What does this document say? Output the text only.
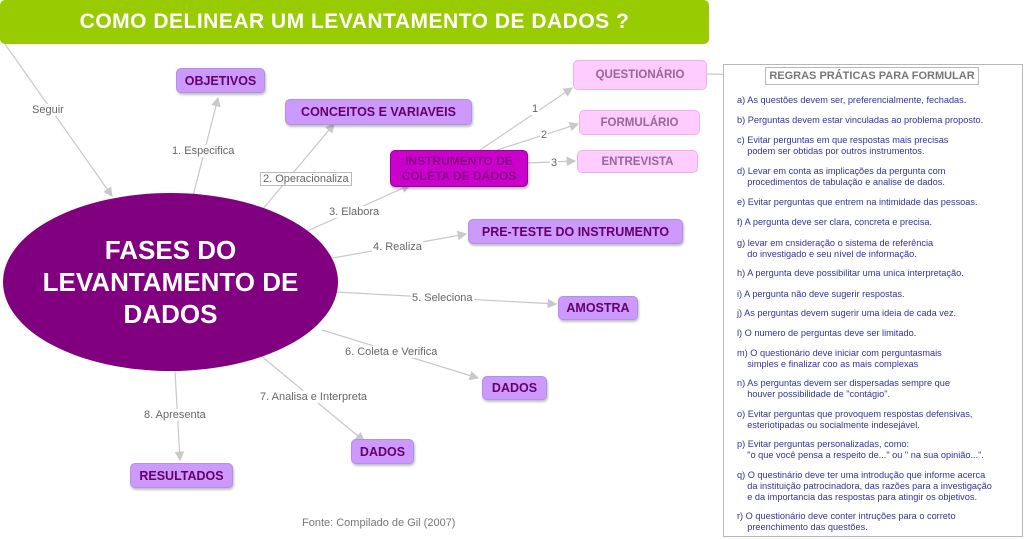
COMO DELINEAR UM LEVANTAMENTO DE DADOS ?
FASES DO LEVANTAMENTO DE DADOS
OBJETIVOS
CONCEITOS E VARIAVEIS
INSTRUMENTO DE COLETA DE DADOS
QUESTIONÁRIO
FORMULÁRIO
ENTREVISTA
PRE-TESTE DO INSTRUMENTO
AMOSTRA
DADOS
DADOS
RESULTADOS
Seguir
1. Especifica
2. Operacionaliza
3. Elabora
4. Realiza
5. Seleciona
6. Coleta e Verifica
7. Analisa e Interpreta
8. Apresenta
1
2
3
REGRAS PRÁTICAS PARA FORMULAR
a) As questões devem ser, preferencialmente, fechadas.
b) Perguntas devem estar vinculadas ao problema proposto.
c) Evitar perguntas em que respostas mais precisas
podem ser obtidas por outros instrumentos.
d) Levar em conta as implicações da pergunta com
procedimentos de tabulação e analise de dados.
e) Evitar perguntas que entrem na intimidade das pessoas.
f) A pergunta deve ser clara, concreta e precisa.
g) levar em cnsideração o sistema de referência
do investigado e seu nível de informação.
h) A pergunta deve possibilitar uma unica interpretação.
i) A pergunta não deve sugerir respostas.
j) As perguntas devem sugerir uma ideia de cada vez.
l) O numero de perguntas deve ser limitado.
m) O questionário deve iniciar com perguntasmais
simples e finalizar coo as mais complexas
n) As perguntas devem ser dispersadas sempre que
houver possibilidade de "contágio".
o) Evitar perguntas que provoquem respostas defensivas,
esteriotipadas ou socialmente indesejável.
p) Evitar perguntas personalizadas, como:
"o que você pensa a respeito de..." ou " na sua opinião...".
q) O questinário deve ter uma introdução que informe acerca
da instituição patrocinadora, das razões para a investigação
e da importancia das respostas para atingir os objetivos.
r) O questionário deve conter intruções para o correto
preenchimento das questões.
Fonte: Compilado de Gil (2007)
